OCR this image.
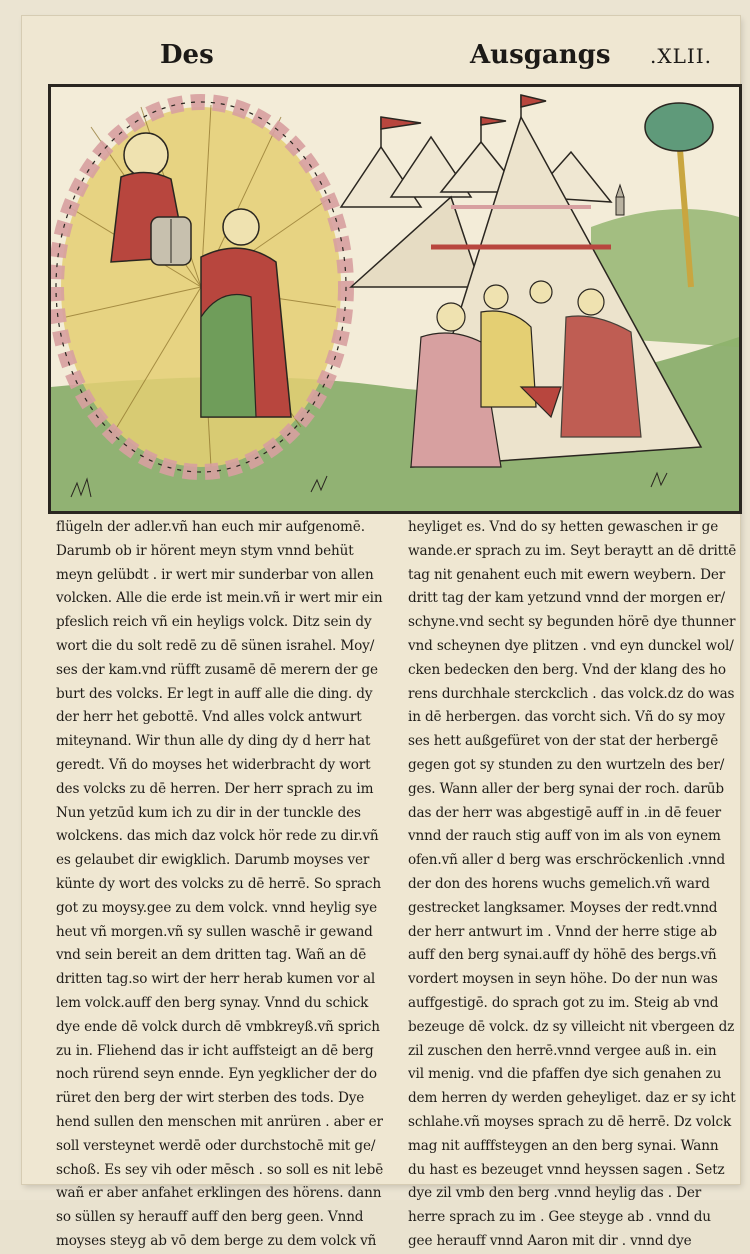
Des	Ausgangs .XLII.
flügeln der adler.vñ han euch mir aufgenomē.
Darumb ob ir hörent meyn stym vnnd behüt
meyn gelübdt . ir wert mir sunderbar von allen
volcken. Alle die erde ist mein.vñ ir wert mir ein
pfeslich reich vñ ein heyligs volck. Ditz sein dy
wort die du solt redē zu dē sünen israhel. Moy/
ses der kam.vnd rüfft zusamē dē merern der ge
burt des volcks. Er legt in auff alle die ding. dy
der herr het gebottē. Vnd alles volck antwurt
miteynand. Wir thun alle dy ding dy d herr hat
geredt. Vñ do moyses het widerbracht dy wort
des volcks zu dē herren. Der herr sprach zu im
Nun yetzūd kum ich zu dir in der tunckle des
wolckens. das mich daz volck hör rede zu dir.vñ
es gelaubet dir ewigklich. Darumb moyses ver
künte dy wort des volcks zu dē herrē. So sprach
got zu moysy.gee zu dem volck. vnnd heylig sye
heut vñ morgen.vñ sy sullen waschē ir gewand
vnd sein bereit an dem dritten tag. Wañ an dē
dritten tag.so wirt der herr herab kumen vor al
lem volck.auff den berg synay. Vnnd du schick
dye ende dē volck durch dē vmbkreyß.vñ sprich
zu in. Fliehend das ir icht auffsteigt an dē berg
noch rürend seyn ennde. Eyn yegklicher der do
rüret den berg der wirt sterben des tods. Dye
hend sullen den menschen mit anrüren . aber er
soll versteynet werdē oder durchstochē mit ge/
schoß. Es sey vih oder mēsch . so soll es nit lebē
wañ er aber anfahet erklingen des hörens. dann
so süllen sy herauff auff den berg geen. Vnnd
moyses steyg ab vō dem berge zu dem volck vñ
heyliget es. Vnd do sy hetten gewaschen ir ge
wande.er sprach zu im. Seyt beraytt an dē drittē
tag nit genahent euch mit ewern weybern. Der
dritt tag der kam yetzund vnnd der morgen er/
schyne.vnd secht sy begunden hörē dye thunner
vnd scheynen dye plitzen . vnd eyn dunckel wol/
cken bedecken den berg. Vnd der klang des ho
rens durchhale sterckclich . das volck.dz do was
in dē herbergen. das vorcht sich. Vñ do sy moy
ses hett außgefüret von der stat der herbergē
gegen got sy stunden zu den wurtzeln des ber/
ges. Wann aller der berg synai der roch. darūb
das der herr was abgestigē auff in .in dē feuer
vnnd der rauch stig auff von im als von eynem
ofen.vñ aller d berg was erschröckenlich .vnnd
der don des horens wuchs gemelich.vñ ward
gestrecket langksamer. Moyses der redt.vnnd
der herr antwurt im . Vnnd der herre stige ab
auff den berg synai.auff dy höhē des bergs.vñ
vordert moysen in seyn höhe. Do der nun was
auffgestigē. do sprach got zu im. Steig ab vnd
bezeuge dē volck. dz sy villeicht nit vbergeen dz
zil zuschen den herrē.vnnd vergee auß in. ein
vil menig. vnd die pfaffen dye sich genahen zu
dem herren dy werden geheyliget. daz er sy icht
schlahe.vñ moyses sprach zu dē herrē. Dz volck
mag nit aufffsteygen an den berg synai. Wann
du hast es bezeuget vnnd heyssen sagen . Setz
dye zil vmb den berg .vnnd heylig das . Der
herre sprach zu im . Gee steyge ab . vnnd du
gee herauff vnnd Aaron mit dir . vnnd dye
